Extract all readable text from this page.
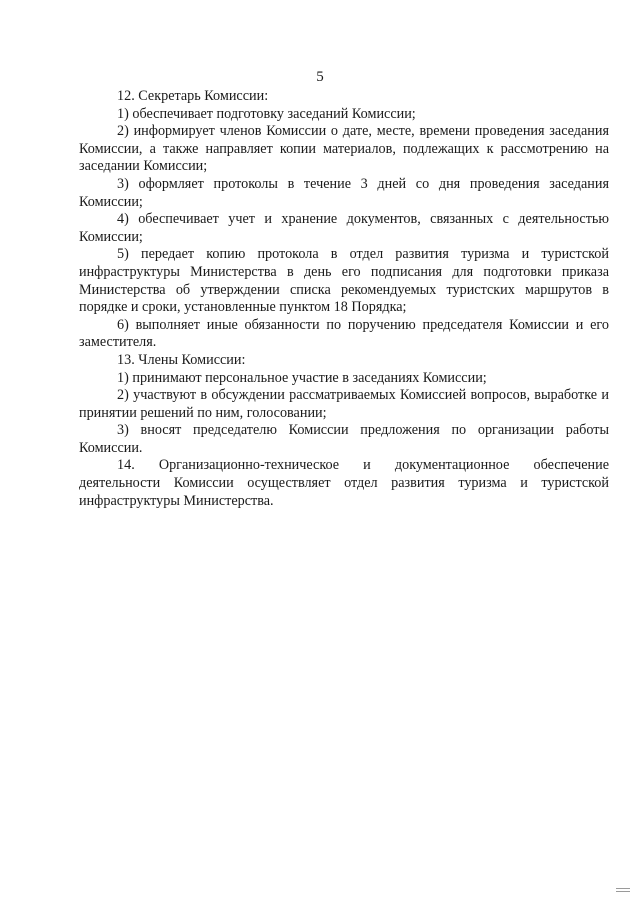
5

12. Секретарь Комиссии:

1) обеспечивает подготовку заседаний Комиссии;

2) информирует членов Комиссии о дате, месте, времени проведения заседания Комиссии, а также направляет копии материалов, подлежащих к рассмотрению на заседании Комиссии;

3) оформляет протоколы в течение 3 дней со дня проведения заседания Комиссии;

4) обеспечивает учет и хранение документов, связанных с деятельностью Комиссии;

5) передает копию протокола в отдел развития туризма и туристской инфраструктуры Министерства в день его подписания для подготовки приказа Министерства об утверждении списка рекомендуемых туристских маршрутов в порядке и сроки, установленные пунктом 18 Порядка;

6) выполняет иные обязанности по поручению председателя Комиссии и его заместителя.

13. Члены Комиссии:

1) принимают персональное участие в заседаниях Комиссии;

2) участвуют в обсуждении рассматриваемых Комиссией вопросов, выработке и принятии решений по ним, голосовании;

3) вносят председателю Комиссии предложения по организации работы Комиссии.

14. Организационно-техническое и документационное обеспечение деятельности Комиссии осуществляет отдел развития туризма и туристской инфраструктуры Министерства.
